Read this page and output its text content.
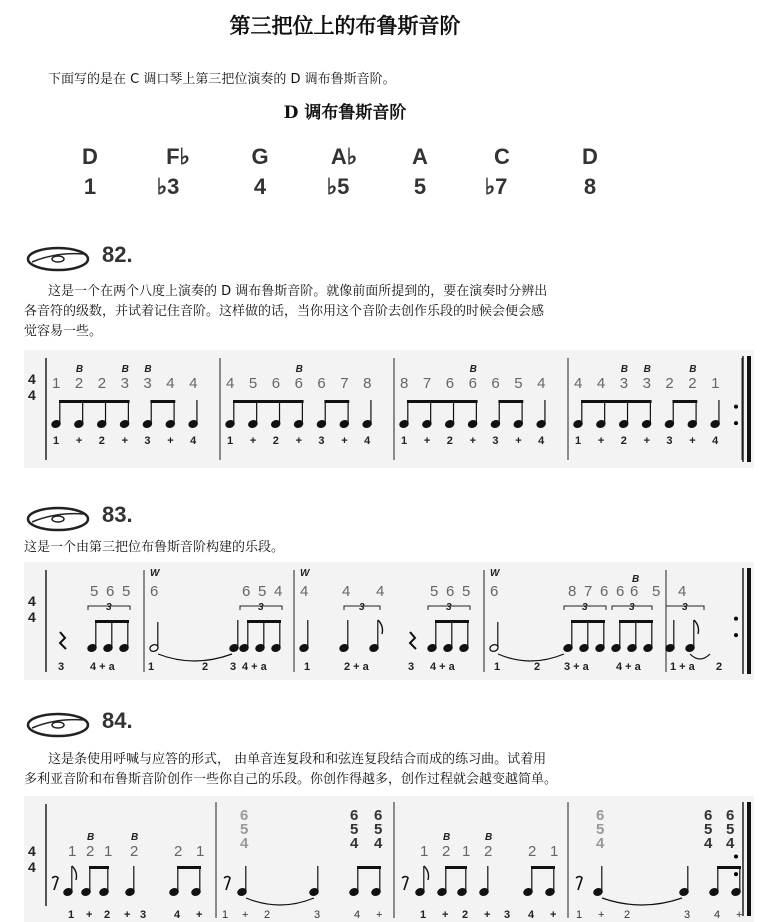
第三把位上的布鲁斯音阶
下面写的是在 C 调口琴上第三把位演奏的 D 调布鲁斯音阶。
D 调布鲁斯音阶
D	F♭	G	A♭ A	C	D
1	♭3	4	♭5	5	♭7	8
82.
这是一个在两个八度上演奏的 D 调布鲁斯音阶。就像前面所提到的，要在演奏时分辨出
各音符的级数，并试着记住音阶。这样做的话，当你用这个音阶去创作乐段的时候会便会感
觉容易一些。
4
4
1
1
2
B
+
2
2
3
B
+
3
B
3
4
+
4
4
4
1
5
+
6
2
6
B
+
6
3
7
+
8
4
8
1
7
+
6
2
6
B
+
6
3
5
+
4
4
4
1
4
+
3
B
2
3
B
+
2
3
2
B
+
1
4
83.
这是一个由第三把位布鲁斯音阶构建的乐段。
4
4
5 6 5 6	6 5 4 4 4 4	5 6 5 6	8 7 6 6 6 5 4
W	W	W
B
3	3	3	3	3	3	3
3 4 + a	1	2 3 4 + a	1	2 + a	3 4 + a	1	2 3 + a 4 + a	1 + a 2
84.
这是条使用呼喊与应答的形式， 由单音连复段和和弦连复段结合而成的练习曲。试着用
多利亚音阶和布鲁斯音阶创作一些你自己的乐段。你创作得越多，创作过程就会越变越简单。
4
4
1 2 1 2 2 1	1 2 1 2 2 1
B	B	B	B
6
5
4
6
5
4
6
5
4
6
5
4
6
5
4
6
5
4
1 + 2 + 3	4 +	1 + 2 + 3 4 +
1 + 2	3	4 +	1 + 2	3 4 +
